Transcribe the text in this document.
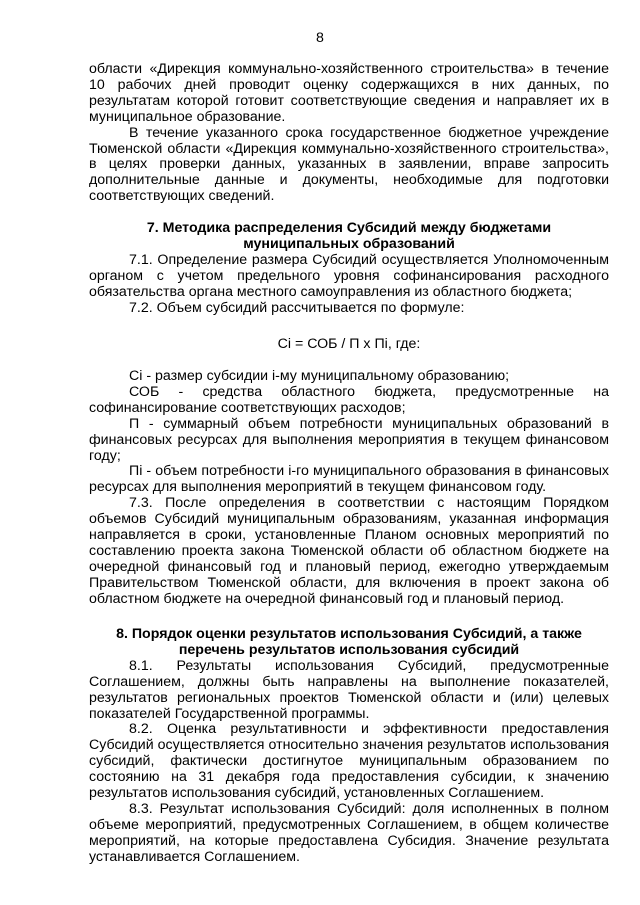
8

области «Дирекция коммунально-хозяйственного строительства» в течение 10 рабочих дней проводит оценку содержащихся в них данных, по результатам которой готовит соответствующие сведения и направляет их в муниципальное образование.

В течение указанного срока государственное бюджетное учреждение Тюменской области «Дирекция коммунально-хозяйственного строительства», в целях проверки данных, указанных в заявлении, вправе запросить дополнительные данные и документы, необходимые для подготовки соответствующих сведений.

7. Методика распределения Субсидий между бюджетами

муниципальных образований

7.1. Определение размера Субсидий осуществляется Уполномоченным органом с учетом предельного уровня софинансирования расходного обязательства органа местного самоуправления из областного бюджета;

7.2. Объем субсидий рассчитывается по формуле:

Сi = СОБ / П х Пi, где:

Сi - размер субсидии i-му муниципальному образованию;

СОБ - средства областного бюджета, предусмотренные на софинансирование соответствующих расходов;

П - суммарный объем потребности муниципальных образований в финансовых ресурсах для выполнения мероприятия в текущем финансовом году;

Пi - объем потребности i-го муниципального образования в финансовых ресурсах для выполнения мероприятий в текущем финансовом году.

7.3. После определения в соответствии с настоящим Порядком объемов Субсидий муниципальным образованиям, указанная информация направляется в сроки, установленные Планом основных мероприятий по составлению проекта закона Тюменской области об областном бюджете на очередной финансовый год и плановый период, ежегодно утверждаемым Правительством Тюменской области, для включения в проект закона об областном бюджете на очередной финансовый год и плановый период.

8. Порядок оценки результатов использования Субсидий, а также

перечень результатов использования субсидий

8.1. Результаты использования Субсидий, предусмотренные Соглашением, должны быть направлены на выполнение показателей, результатов региональных проектов Тюменской области и (или) целевых показателей Государственной программы.

8.2. Оценка результативности и эффективности предоставления Субсидий осуществляется относительно значения результатов использования субсидий, фактически достигнутое муниципальным образованием по состоянию на 31 декабря года предоставления субсидии, к значению результатов использования субсидий, установленных Соглашением.

8.3. Результат использования Субсидий: доля исполненных в полном объеме мероприятий, предусмотренных Соглашением, в общем количестве мероприятий, на которые предоставлена Субсидия. Значение результата устанавливается Соглашением.
